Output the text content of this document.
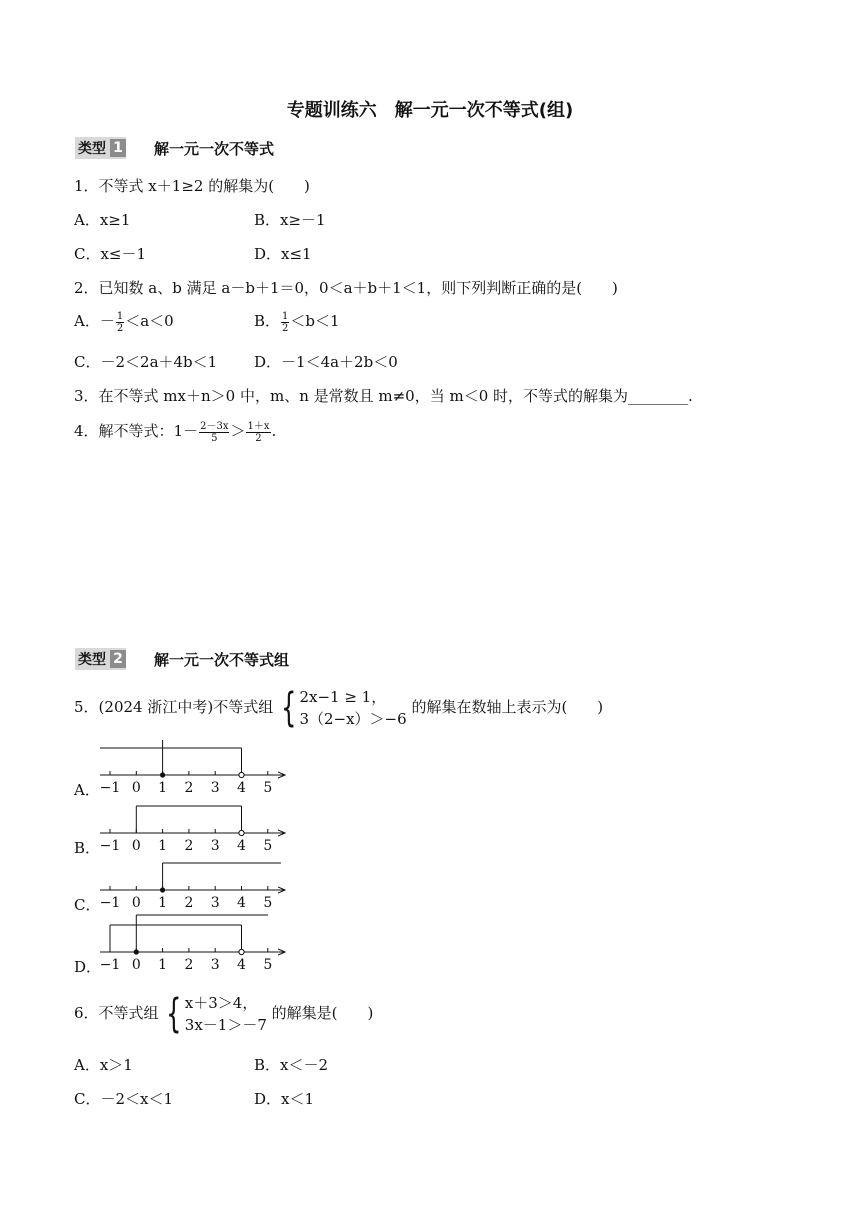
专题训练六　解一元一次不等式(组)
类型 1 解一元一次不等式
1．不等式 x＋1≥2 的解集为(　　)
A．x≥1	B．x≥－1
C．x≤－1	D．x≤1
2．已知数 a、b 满足 a－b＋1＝0，0＜a＋b＋1＜1，则下列判断正确的是(　　)
A．－ $\frac{1}{2} <a<0$	B． $\frac{1}{2} <b<1$
C．－2＜2a＋4b＜1 D．－1＜4a＋2b＜0
3．在不等式 mx＋n＞0 中，m、n 是常数且 m≠0，当 m＜0 时，不等式的解集为________.
4．解不等式：$1- \frac{2-3x}{5} > \frac{1+x}{2}$ .
类型 2 解一元一次不等式组
5．(2024 浙江中考)不等式组 { 2x−1 ≥ 1，
3（2−x）＞−6
的解集在数轴上表示为(　　)
A．
B．
C．
D．
−1 0 1 2 3 4 5
−1 0 1 2 3 4 5
−1 0 1 2 3 4 5
−1 0 1 2 3 4 5
6．不等式组 { x＋3＞4，
3x－1＞－7
的解集是(　　)
A．x＞1	B．x＜－2
C．－2＜x＜1	D．x＜1
